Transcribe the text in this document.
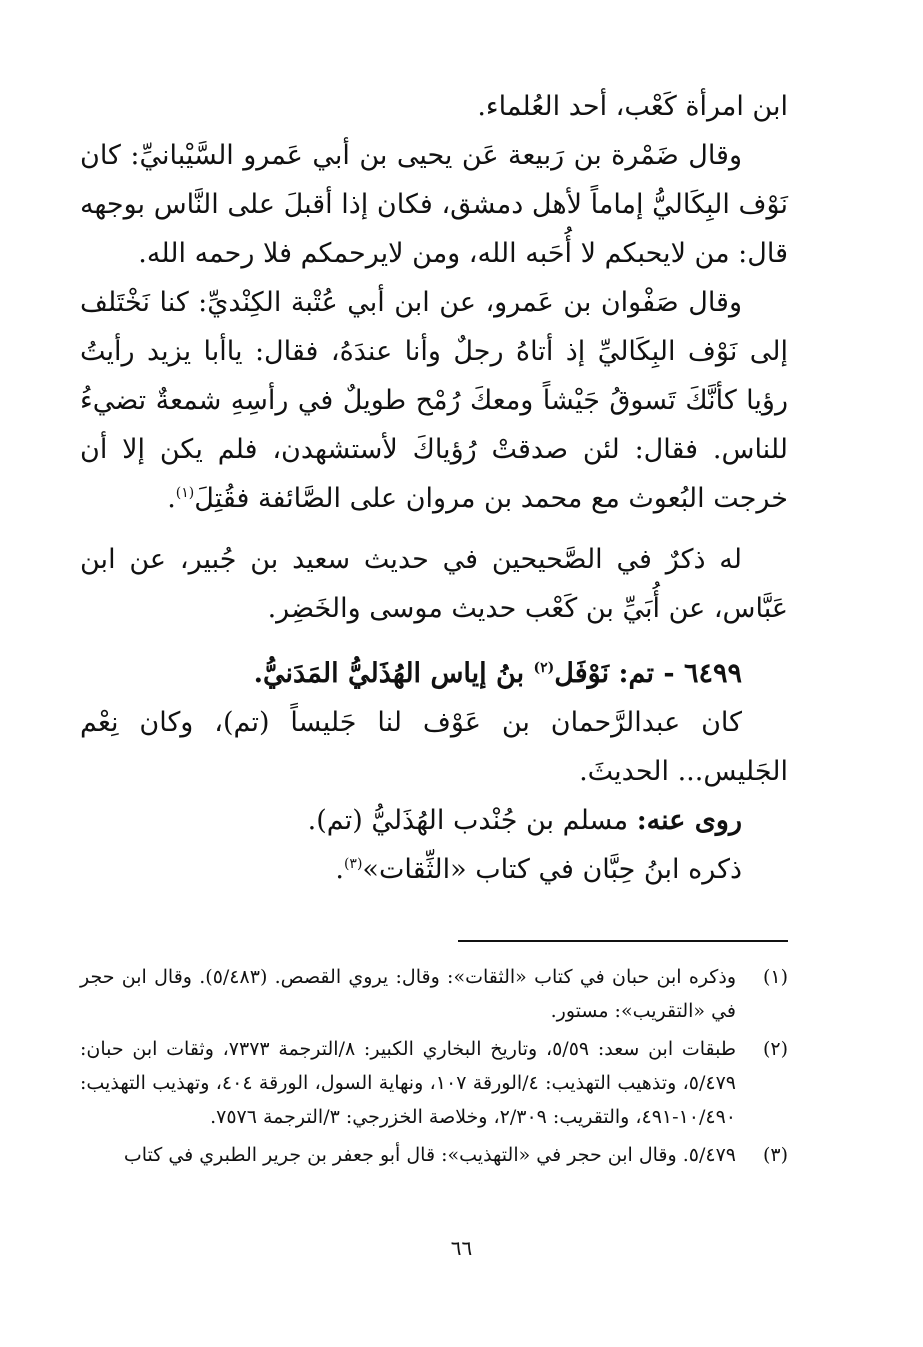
ابن امرأة كَعْب، أحد العُلماء.

وقال ضَمْرة بن رَبيعة عَن يحيى بن أبي عَمرو السَّيْبانيِّ: كان نَوْف البِكَاليُّ إماماً لأهل دمشق، فكان إذا أقبلَ على النَّاس بوجهه قال: من لايحبكم لا أُحَبه الله، ومن لايرحمكم فلا رحمه الله.

وقال صَفْوان بن عَمرو، عن ابن أبي عُتْبة الكِنْديِّ: كنا نَخْتَلف إلى نَوْف البِكَاليِّ إذ أتاهُ رجلٌ وأنا عندَهُ، فقال: ياأبا يزيد رأيتُ رؤيا كأنَّكَ تَسوقُ جَيْشاً ومعكَ رُمْح طويلٌ في رأسِهِ شمعةٌ تضيءُ للناس. فقال: لئن صدقتْ رُؤياكَ لأستشهدن، فلم يكن إلا أن خرجت البُعوث مع محمد بن مروان على الصَّائفة فقُتِلَ$^{(١)}$.

له ذكرٌ في الصَّحيحين في حديث سعيد بن جُبير، عن ابن عَبَّاس، عن أُبَيِّ بن كَعْب حديث موسى والخَضِر.

٦٤٩٩ - تم: نَوْفَل$^{(٢)}$ بنُ إياس الهُذَليُّ المَدَنيُّ.

كان عبدالرَّحمان بن عَوْف لنا جَليساً (تم)، وكان نِعْم الجَليس... الحديثَ.

روى عنه: مسلم بن جُنْدب الهُذَليُّ (تم).

ذكره ابنُ حِبَّان في كتاب «الثِّقات»$^{(٣)}$.

(١)
وذكره ابن حبان في كتاب «الثقات»: وقال: يروي القصص. (٥/٤٨٣). وقال ابن حجر في «التقريب»: مستور.
(٢)
طبقات ابن سعد: ٥/٥٩، وتاريخ البخاري الكبير: ٨/الترجمة ٧٣٧٣، وثقات ابن حبان: ٥/٤٧٩، وتذهيب التهذيب: ٤/الورقة ١٠٧، ونهاية السول، الورقة ٤٠٤، وتهذيب التهذيب: ١٠/٤٩٠-٤٩١، والتقريب: ٢/٣٠٩، وخلاصة الخزرجي: ٣/الترجمة ٧٥٧٦.
(٣)
٥/٤٧٩. وقال ابن حجر في «التهذيب»: قال أبو جعفر بن جرير الطبري في كتاب
٦٦
